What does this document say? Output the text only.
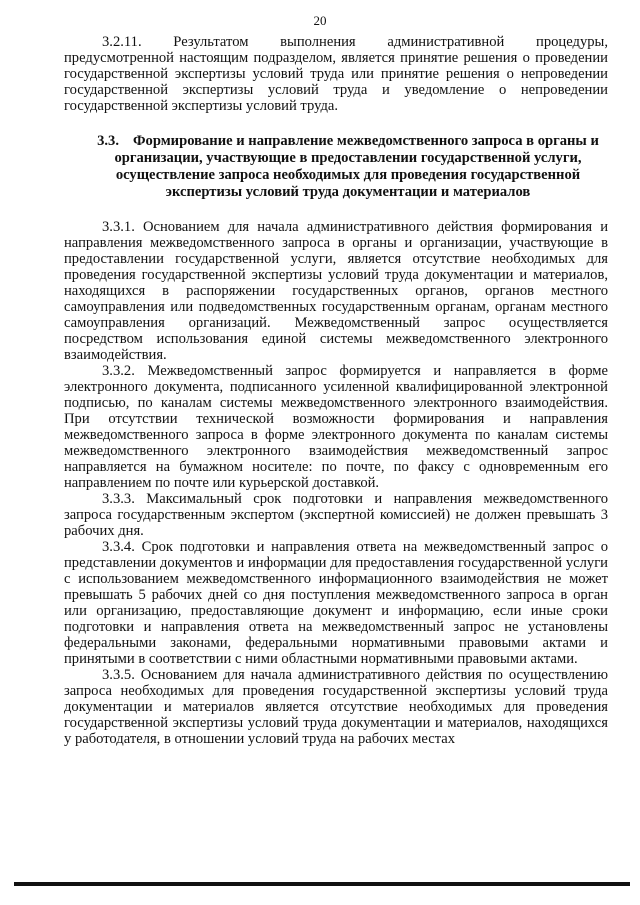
20

3.2.11. Результатом выполнения административной процедуры, предусмотренной настоящим подразделом, является принятие решения о проведении государственной экспертизы условий труда или принятие решения о непроведении государственной экспертизы условий труда и уведомление о непроведении государственной экспертизы условий труда.

3.3. Формирование и направление межведомственного запроса в органы и организации, участвующие в предоставлении государственной услуги, осуществление запроса необходимых для проведения государственной экспертизы условий труда документации и материалов

3.3.1. Основанием для начала административного действия формирования и направления межведомственного запроса в органы и организации, участвующие в предоставлении государственной услуги, является отсутствие необходимых для проведения государственной экспертизы условий труда документации и материалов, находящихся в распоряжении государственных органов, органов местного самоуправления или подведомственных государственным органам, органам местного самоуправления организаций. Межведомственный запрос осуществляется посредством использования единой системы межведомственного электронного взаимодействия.

3.3.2. Межведомственный запрос формируется и направляется в форме электронного документа, подписанного усиленной квалифицированной электронной подписью, по каналам системы межведомственного электронного взаимодействия. При отсутствии технической возможности формирования и направления межведомственного запроса в форме электронного документа по каналам системы межведомственного электронного взаимодействия межведомственный запрос направляется на бумажном носителе: по почте, по факсу с одновременным его направлением по почте или курьерской доставкой.

3.3.3. Максимальный срок подготовки и направления межведомственного запроса государственным экспертом (экспертной комиссией) не должен превышать 3 рабочих дня.

3.3.4. Срок подготовки и направления ответа на межведомственный запрос о представлении документов и информации для предоставления государственной услуги с использованием межведомственного информационного взаимодействия не может превышать 5 рабочих дней со дня поступления межведомственного запроса в орган или организацию, предоставляющие документ и информацию, если иные сроки подготовки и направления ответа на межведомственный запрос не установлены федеральными законами, федеральными нормативными правовыми актами и принятыми в соответствии с ними областными нормативными правовыми актами.

3.3.5. Основанием для начала административного действия по осуществлению запроса необходимых для проведения государственной экспертизы условий труда документации и материалов является отсутствие необходимых для проведения государственной экспертизы условий труда документации и материалов, находящихся у работодателя, в отношении условий труда на рабочих местах
